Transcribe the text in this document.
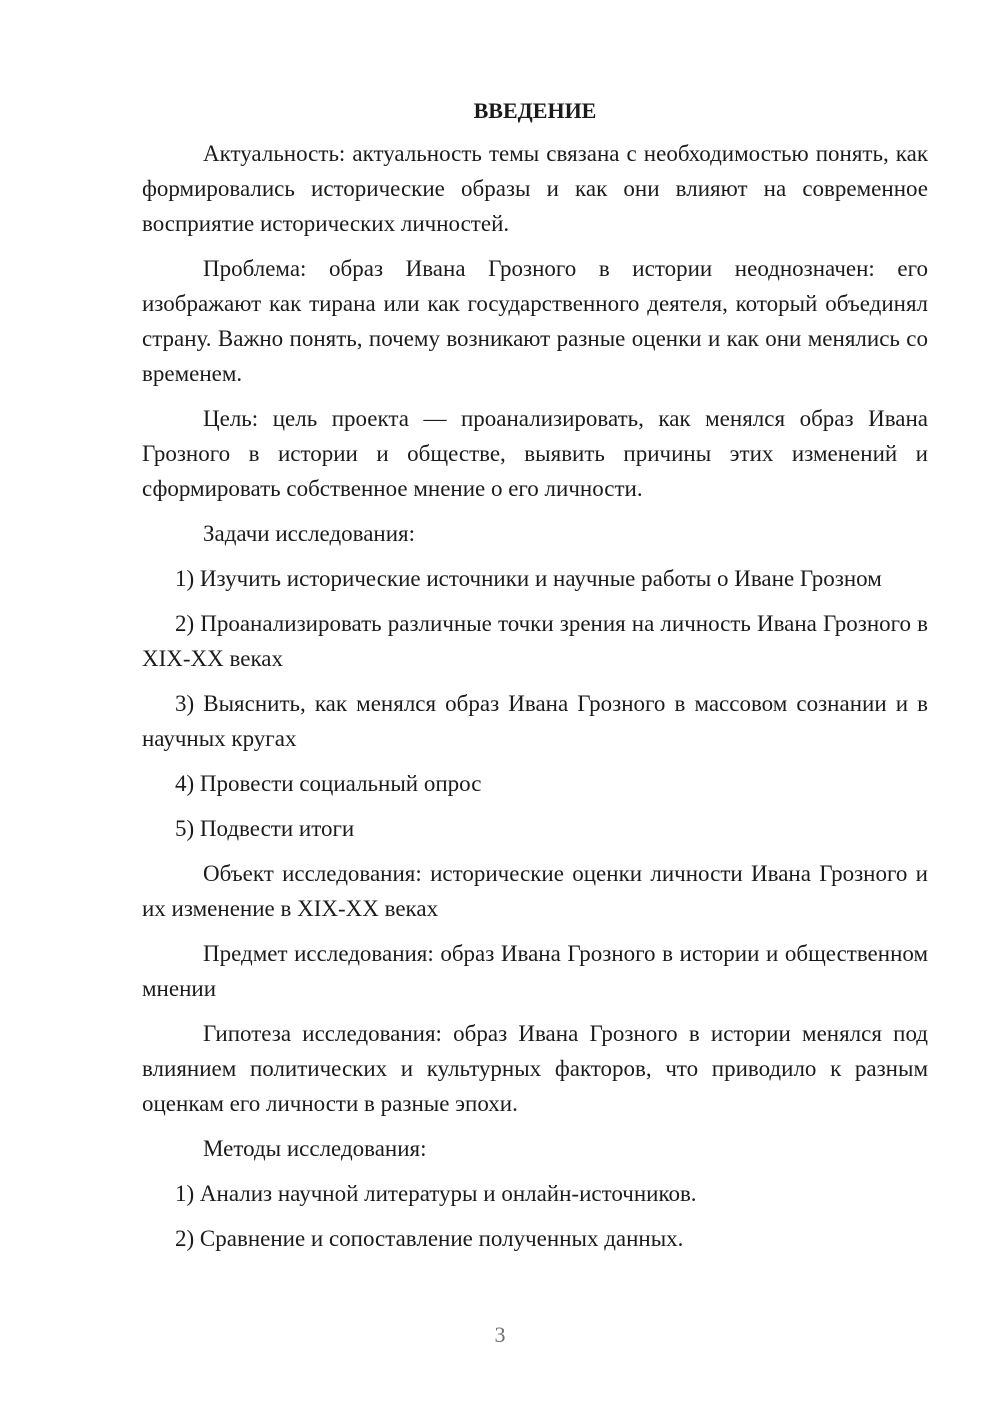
ВВЕДЕНИЕ

Актуальность: актуальность темы связана с необходимостью понять, как формировались исторические образы и как они влияют на современное восприятие исторических личностей.

Проблема: образ Ивана Грозного в истории неоднозначен: его изображают как тирана или как государственного деятеля, который объединял страну. Важно понять, почему возникают разные оценки и как они менялись со временем.

Цель: цель проекта — проанализировать, как менялся образ Ивана Грозного в истории и обществе, выявить причины этих изменений и сформировать собственное мнение о его личности.

Задачи исследования:

1) Изучить исторические источники и научные работы о Иване Грозном

2) Проанализировать различные точки зрения на личность Ивана Грозного в XIX-XX веках

3) Выяснить, как менялся образ Ивана Грозного в массовом сознании и в научных кругах

4) Провести социальный опрос

5) Подвести итоги

Объект исследования: исторические оценки личности Ивана Грозного и их изменение в XIX-XX веках

Предмет исследования: образ Ивана Грозного в истории и общественном мнении

Гипотеза исследования: образ Ивана Грозного в истории менялся под влиянием политических и культурных факторов, что приводило к разным оценкам его личности в разные эпохи.

Методы исследования:

1) Анализ научной литературы и онлайн-источников.

2) Сравнение и сопоставление полученных данных.

3
